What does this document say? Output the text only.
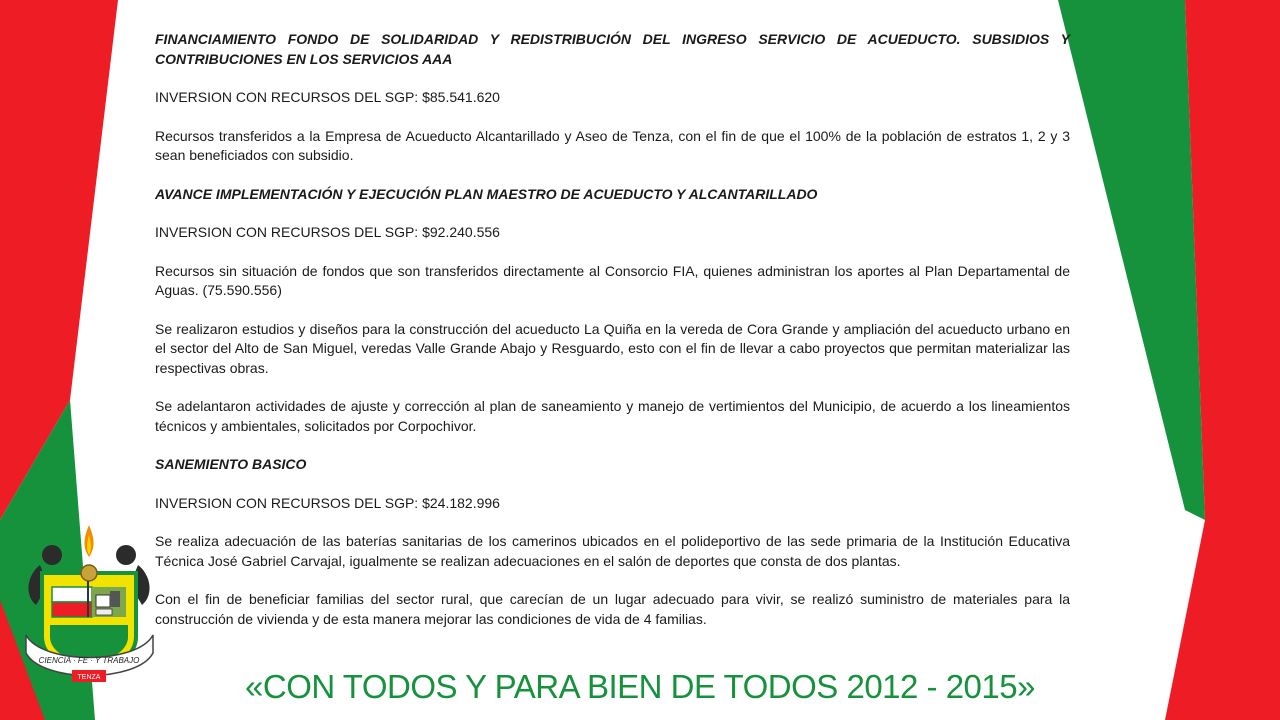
FINANCIAMIENTO FONDO DE SOLIDARIDAD Y REDISTRIBUCIÓN DEL INGRESO SERVICIO DE ACUEDUCTO. SUBSIDIOS Y CONTRIBUCIONES EN LOS SERVICIOS AAA

INVERSION CON RECURSOS DEL SGP: $85.541.620

Recursos transferidos a la Empresa de Acueducto Alcantarillado y Aseo de Tenza, con el fin de que el 100% de la población de estratos 1, 2 y 3 sean beneficiados con subsidio.

AVANCE IMPLEMENTACIÓN Y EJECUCIÓN PLAN MAESTRO DE ACUEDUCTO Y ALCANTARILLADO

INVERSION CON RECURSOS DEL SGP: $92.240.556

Recursos sin situación de fondos que son transferidos directamente al Consorcio FIA, quienes administran los aportes al Plan Departamental de Aguas. (75.590.556)

Se realizaron estudios y diseños para la construcción del acueducto La Quiña en la vereda de Cora Grande y ampliación del acueducto urbano en el sector del Alto de San Miguel, veredas Valle Grande Abajo y Resguardo, esto con el fin de llevar a cabo proyectos que permitan materializar las respectivas obras.

Se adelantaron actividades de ajuste y corrección al plan de saneamiento y manejo de vertimientos del Municipio, de acuerdo a los lineamientos técnicos y ambientales, solicitados por Corpochivor.

SANEMIENTO BASICO

INVERSION CON RECURSOS DEL SGP: $24.182.996

Se realiza adecuación de las baterías sanitarias de los camerinos ubicados en el polideportivo de las sede primaria de la Institución Educativa Técnica José Gabriel Carvajal, igualmente se realizan adecuaciones en el salón de deportes que consta de dos plantas.

Con el fin de beneficiar familias del sector rural, que carecían de un lugar adecuado para vivir, se realizó suministro de materiales para la construcción de vivienda y de esta manera mejorar las condiciones de vida de 4 familias.

CIENCIA · FE · Y TRABAJO
TENZA	«CON TODOS Y PARA BIEN DE TODOS 2012 - 2015»
